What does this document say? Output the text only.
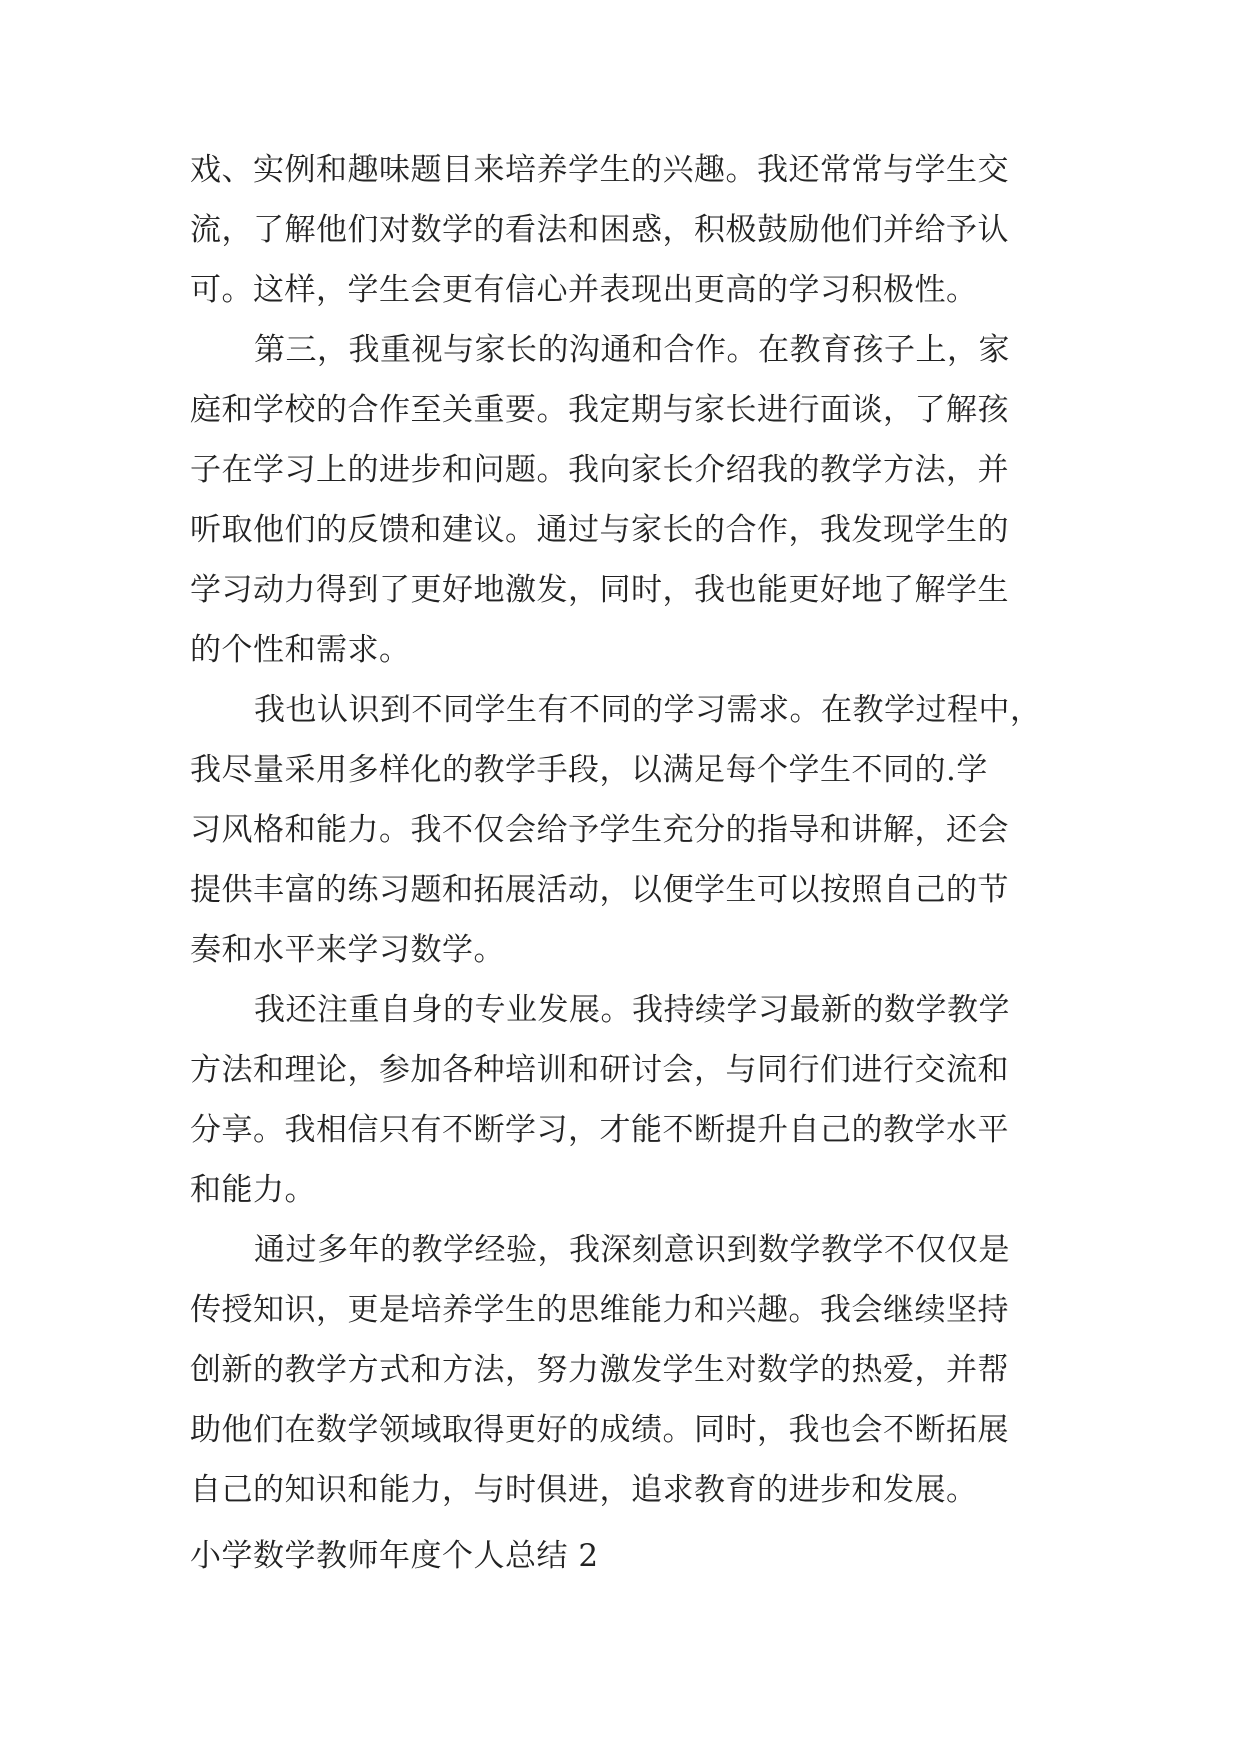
戏、实例和趣味题目来培养学生的兴趣。我还常常与学生交
流，了解他们对数学的看法和困惑，积极鼓励他们并给予认
可。这样，学生会更有信心并表现出更高的学习积极性。
第三，我重视与家长的沟通和合作。在教育孩子上，家
庭和学校的合作至关重要。我定期与家长进行面谈，了解孩
子在学习上的进步和问题。我向家长介绍我的教学方法，并
听取他们的反馈和建议。通过与家长的合作，我发现学生的
学习动力得到了更好地激发，同时，我也能更好地了解学生
的个性和需求。
我也认识到不同学生有不同的学习需求。在教学过程中，
我尽量采用多样化的教学手段，以满足每个学生不同的.学
习风格和能力。我不仅会给予学生充分的指导和讲解，还会
提供丰富的练习题和拓展活动，以便学生可以按照自己的节
奏和水平来学习数学。
我还注重自身的专业发展。我持续学习最新的数学教学
方法和理论，参加各种培训和研讨会，与同行们进行交流和
分享。我相信只有不断学习，才能不断提升自己的教学水平
和能力。
通过多年的教学经验，我深刻意识到数学教学不仅仅是
传授知识，更是培养学生的思维能力和兴趣。我会继续坚持
创新的教学方式和方法，努力激发学生对数学的热爱，并帮
助他们在数学领域取得更好的成绩。同时，我也会不断拓展
自己的知识和能力，与时俱进，追求教育的进步和发展。
小学数学教师年度个人总结 2
